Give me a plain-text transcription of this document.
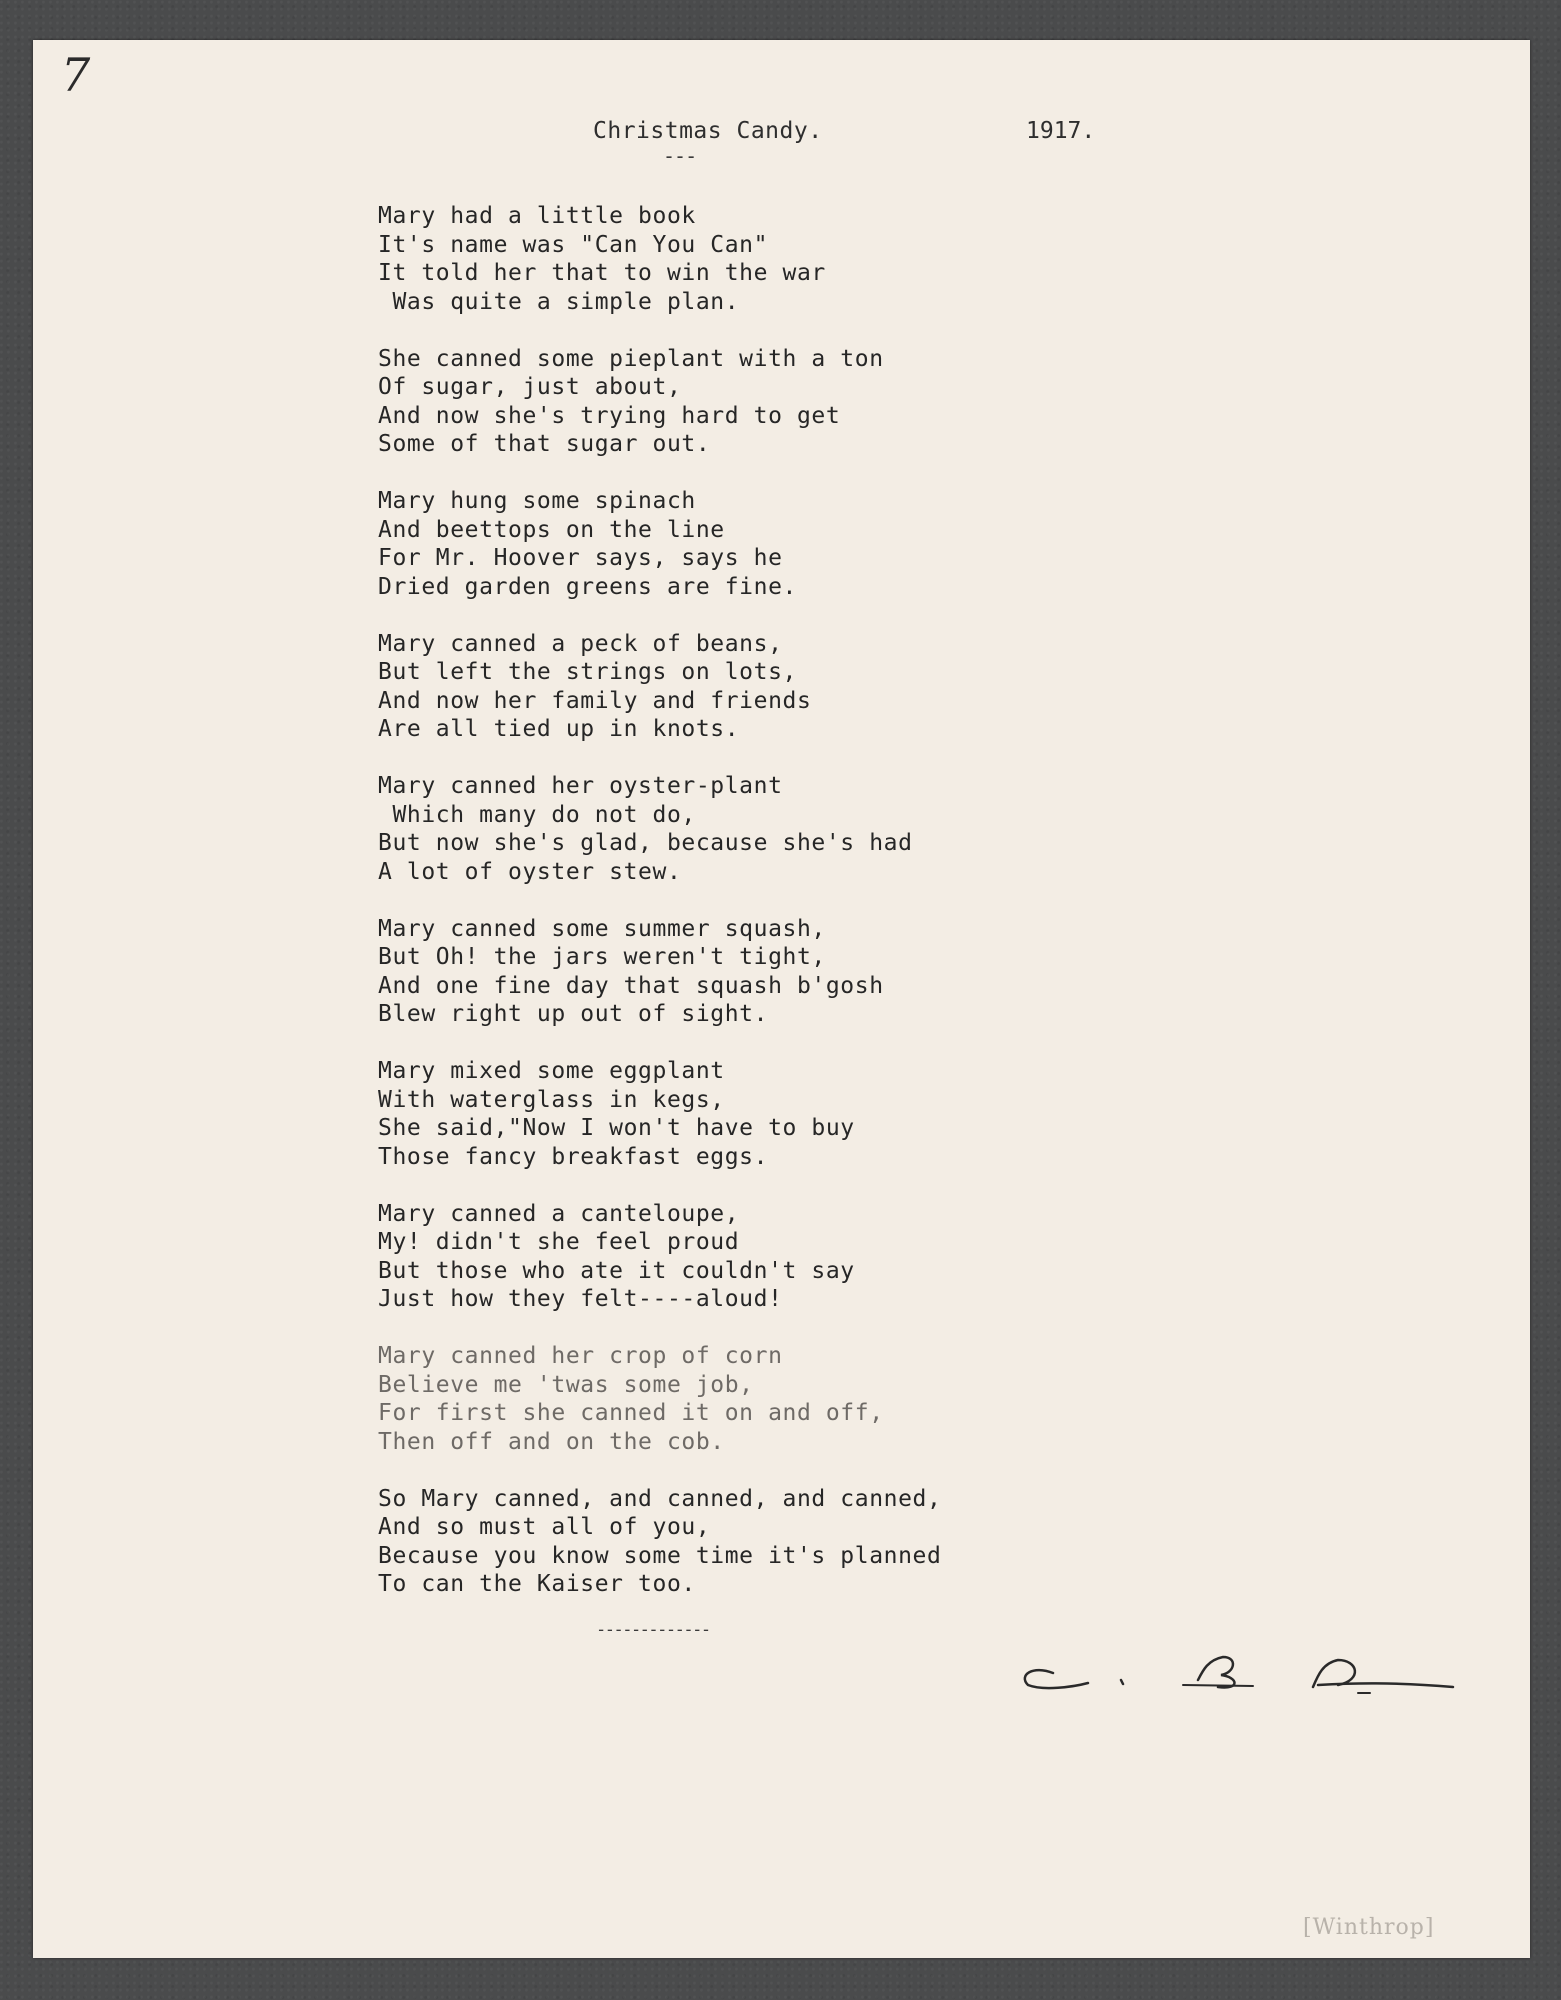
7
Christmas Candy.	1917.
---
Mary had a little book
It's name was "Can You Can"
It told her that to win the war
Was quite a simple plan.
She canned some pieplant with a ton
Of sugar, just about,
And now she's trying hard to get
Some of that sugar out.
Mary hung some spinach
And beettops on the line
For Mr. Hoover says, says he
Dried garden greens are fine.
Mary canned a peck of beans,
But left the strings on lots,
And now her family and friends
Are all tied up in knots.
Mary canned her oyster-plant
Which many do not do,
But now she's glad, because she's had
A lot of oyster stew.
Mary canned some summer squash,
But Oh! the jars weren't tight,
And one fine day that squash b'gosh
Blew right up out of sight.
Mary mixed some eggplant
With waterglass in kegs,
She said,"Now I won't have to buy
Those fancy breakfast eggs.
Mary canned a canteloupe,
My! didn't she feel proud
But those who ate it couldn't say
Just how they felt----aloud!
Mary canned her crop of corn
Believe me 'twas some job,
For first she canned it on and off,
Then off and on the cob.
So Mary canned, and canned, and canned,
And so must all of you,
Because you know some time it's planned
To can the Kaiser too.
-------------
[Winthrop]
